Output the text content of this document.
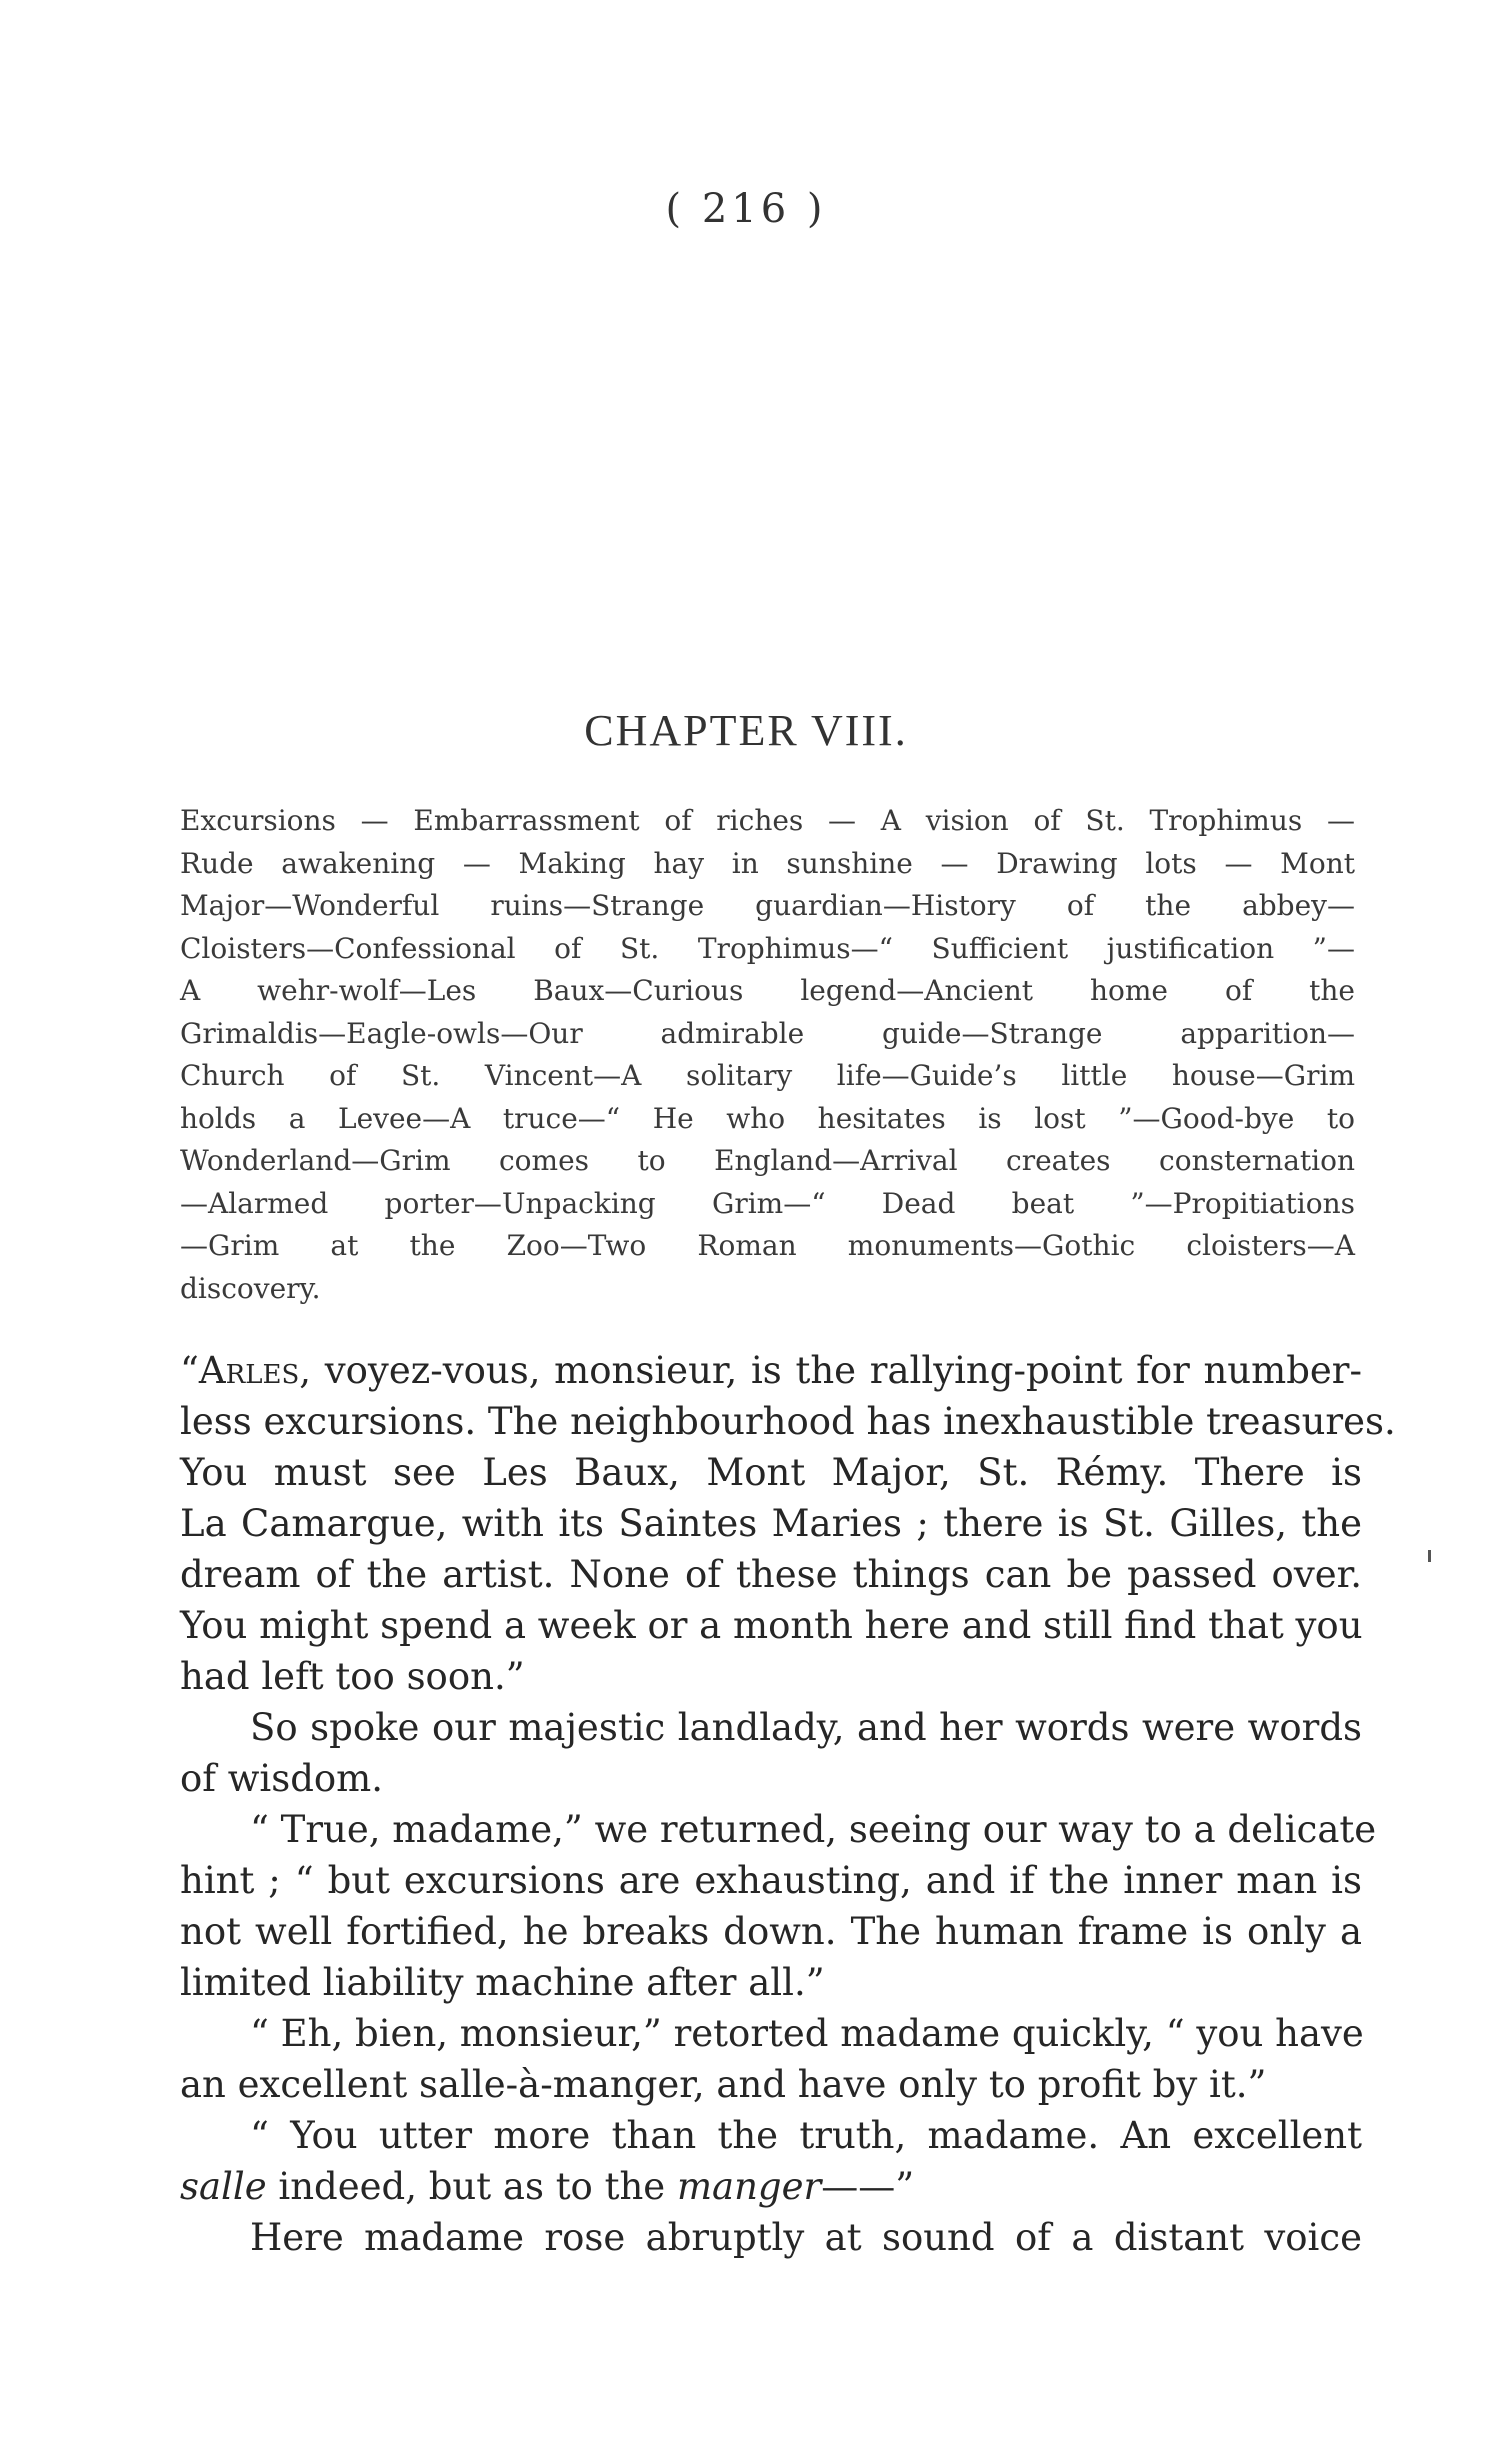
( 216 )
CHAPTER VIII.
Excursions — Embarrassment of riches — A vision of St. Trophimus —
Rude awakening — Making hay in sunshine — Drawing lots — Mont
Major—Wonderful ruins—Strange guardian—History of the abbey—
Cloisters—Confessional of St. Trophimus—“ Sufficient justification ”—
A wehr-wolf—Les Baux—Curious legend—Ancient home of the
Grimaldis—Eagle-owls—Our admirable guide—Strange apparition—
Church of St. Vincent—A solitary life—Guide’s little house—Grim
holds a Levee—A truce—“ He who hesitates is lost ”—Good-bye to
Wonderland—Grim comes to England—Arrival creates consternation
—Alarmed porter—Unpacking Grim—“ Dead beat ”—Propitiations
—Grim at the Zoo—Two Roman monuments—Gothic cloisters—A
discovery.
“Arles, voyez-vous, monsieur, is the rallying-point for number-
less excursions. The neighbourhood has inexhaustible treasures.
You must see Les Baux, Mont Major, St. Rémy. There is
La Camargue, with its Saintes Maries ; there is St. Gilles, the
dream of the artist. None of these things can be passed over.
You might spend a week or a month here and still find that you
had left too soon.”
So spoke our majestic landlady, and her words were words
of wisdom.
“ True, madame,” we returned, seeing our way to a delicate
hint ; “ but excursions are exhausting, and if the inner man is
not well fortified, he breaks down. The human frame is only a
limited liability machine after all.”
“ Eh, bien, monsieur,” retorted madame quickly, “ you have
an excellent salle-à-manger, and have only to profit by it.”
“ You utter more than the truth, madame. An excellent
salle indeed, but as to the manger——”
Here madame rose abruptly at sound of a distant voice
